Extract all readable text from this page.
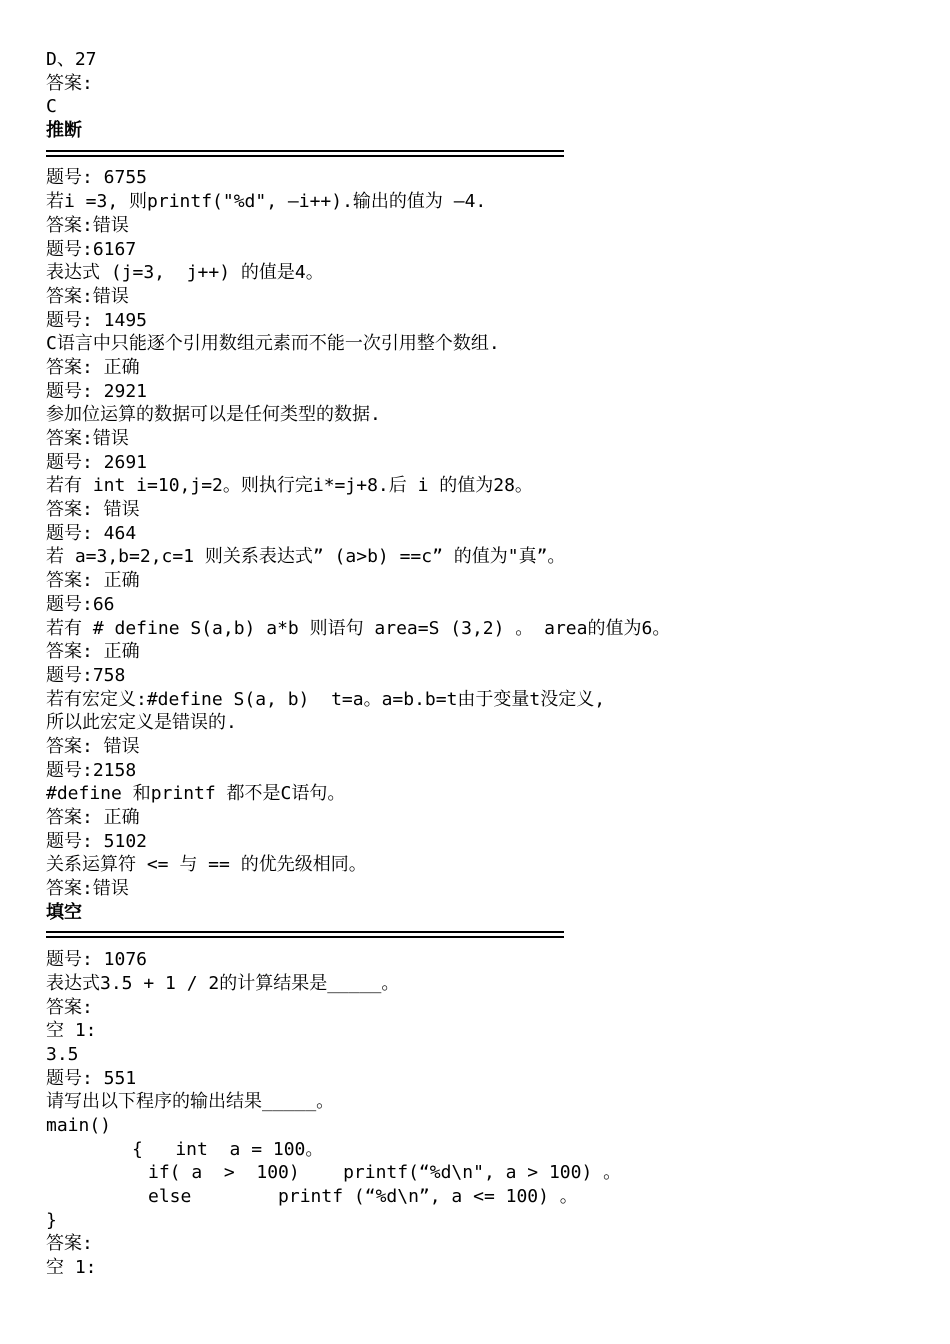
D、27
答案:
C
推断
题号: 6755
若i =3, 则printf("%d", —i++).输出的值为 —4.
答案:错误
题号:6167
表达式 (j=3,  j++) 的值是4。
答案:错误
题号: 1495
C语言中只能逐个引用数组元素而不能一次引用整个数组.
答案: 正确
题号: 2921
参加位运算的数据可以是任何类型的数据.
答案:错误
题号: 2691
若有 int i=10,j=2。则执行完i*=j+8.后 i 的值为28。
答案: 错误
题号: 464
若 a=3,b=2,c=1 则关系表达式” (a>b) ==c” 的值为"真”。
答案: 正确
题号:66
若有 # define S(a,b) a*b 则语句 area=S (3,2) 。 area的值为6。
答案: 正确
题号:758
若有宏定义:#define S(a, b)  t=a。a=b.b=t由于变量t没定义,
所以此宏定义是错误的.
答案: 错误
题号:2158
#define 和printf 都不是C语句。
答案: 正确
题号: 5102
关系运算符 <= 与 == 的优先级相同。
答案:错误
填空
题号: 1076
表达式3.5 + 1 / 2的计算结果是_____。
答案:
空 1:
3.5
题号: 551
请写出以下程序的输出结果_____。
main()
{   int  a = 100。
if( a  >  100)    printf(“%d\n", a > 100) 。
else        printf (“%d\n”, a <= 100) 。
}
答案:
空 1:
